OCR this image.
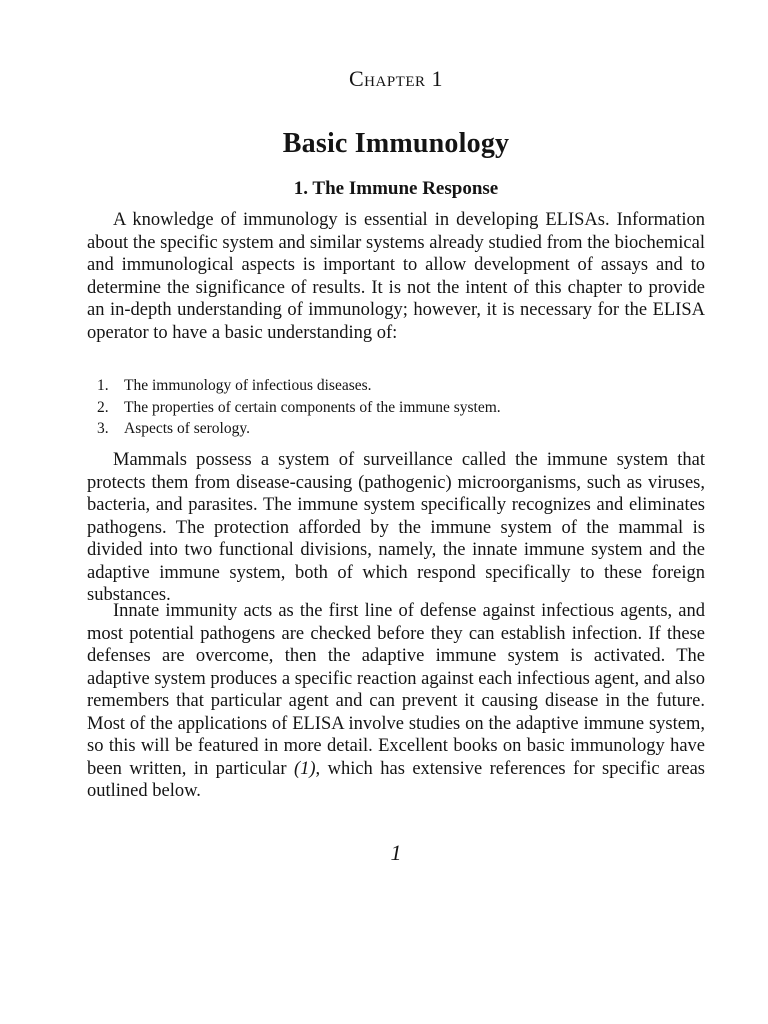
Chapter 1
Basic Immunology
1. The Immune Response

A knowledge of immunology is essential in developing ELISAs. Information about the specific system and similar systems already studied from the biochemical and immunological aspects is important to allow development of assays and to determine the significance of results. It is not the intent of this chapter to provide an in-depth understanding of immunology; however, it is necessary for the ELISA operator to have a basic understanding of:

1. The immunology of infectious diseases.
2. The properties of certain components of the immune system.
3. Aspects of serology.

Mammals possess a system of surveillance called the immune system that protects them from disease-causing (pathogenic) microorganisms, such as viruses, bacteria, and parasites. The immune system specifically recognizes and eliminates pathogens. The protection afforded by the immune system of the mammal is divided into two functional divisions, namely, the innate immune system and the adaptive immune system, both of which respond specifically to these foreign substances.

Innate immunity acts as the first line of defense against infectious agents, and most potential pathogens are checked before they can establish infection. If these defenses are overcome, then the adaptive immune system is activated. The adaptive system produces a specific reaction against each infectious agent, and also remembers that particular agent and can prevent it causing disease in the future. Most of the applications of ELISA involve studies on the adaptive immune system, so this will be featured in more detail. Excellent books on basic immunology have been written, in particular (1), which has extensive references for specific areas outlined below.

1
